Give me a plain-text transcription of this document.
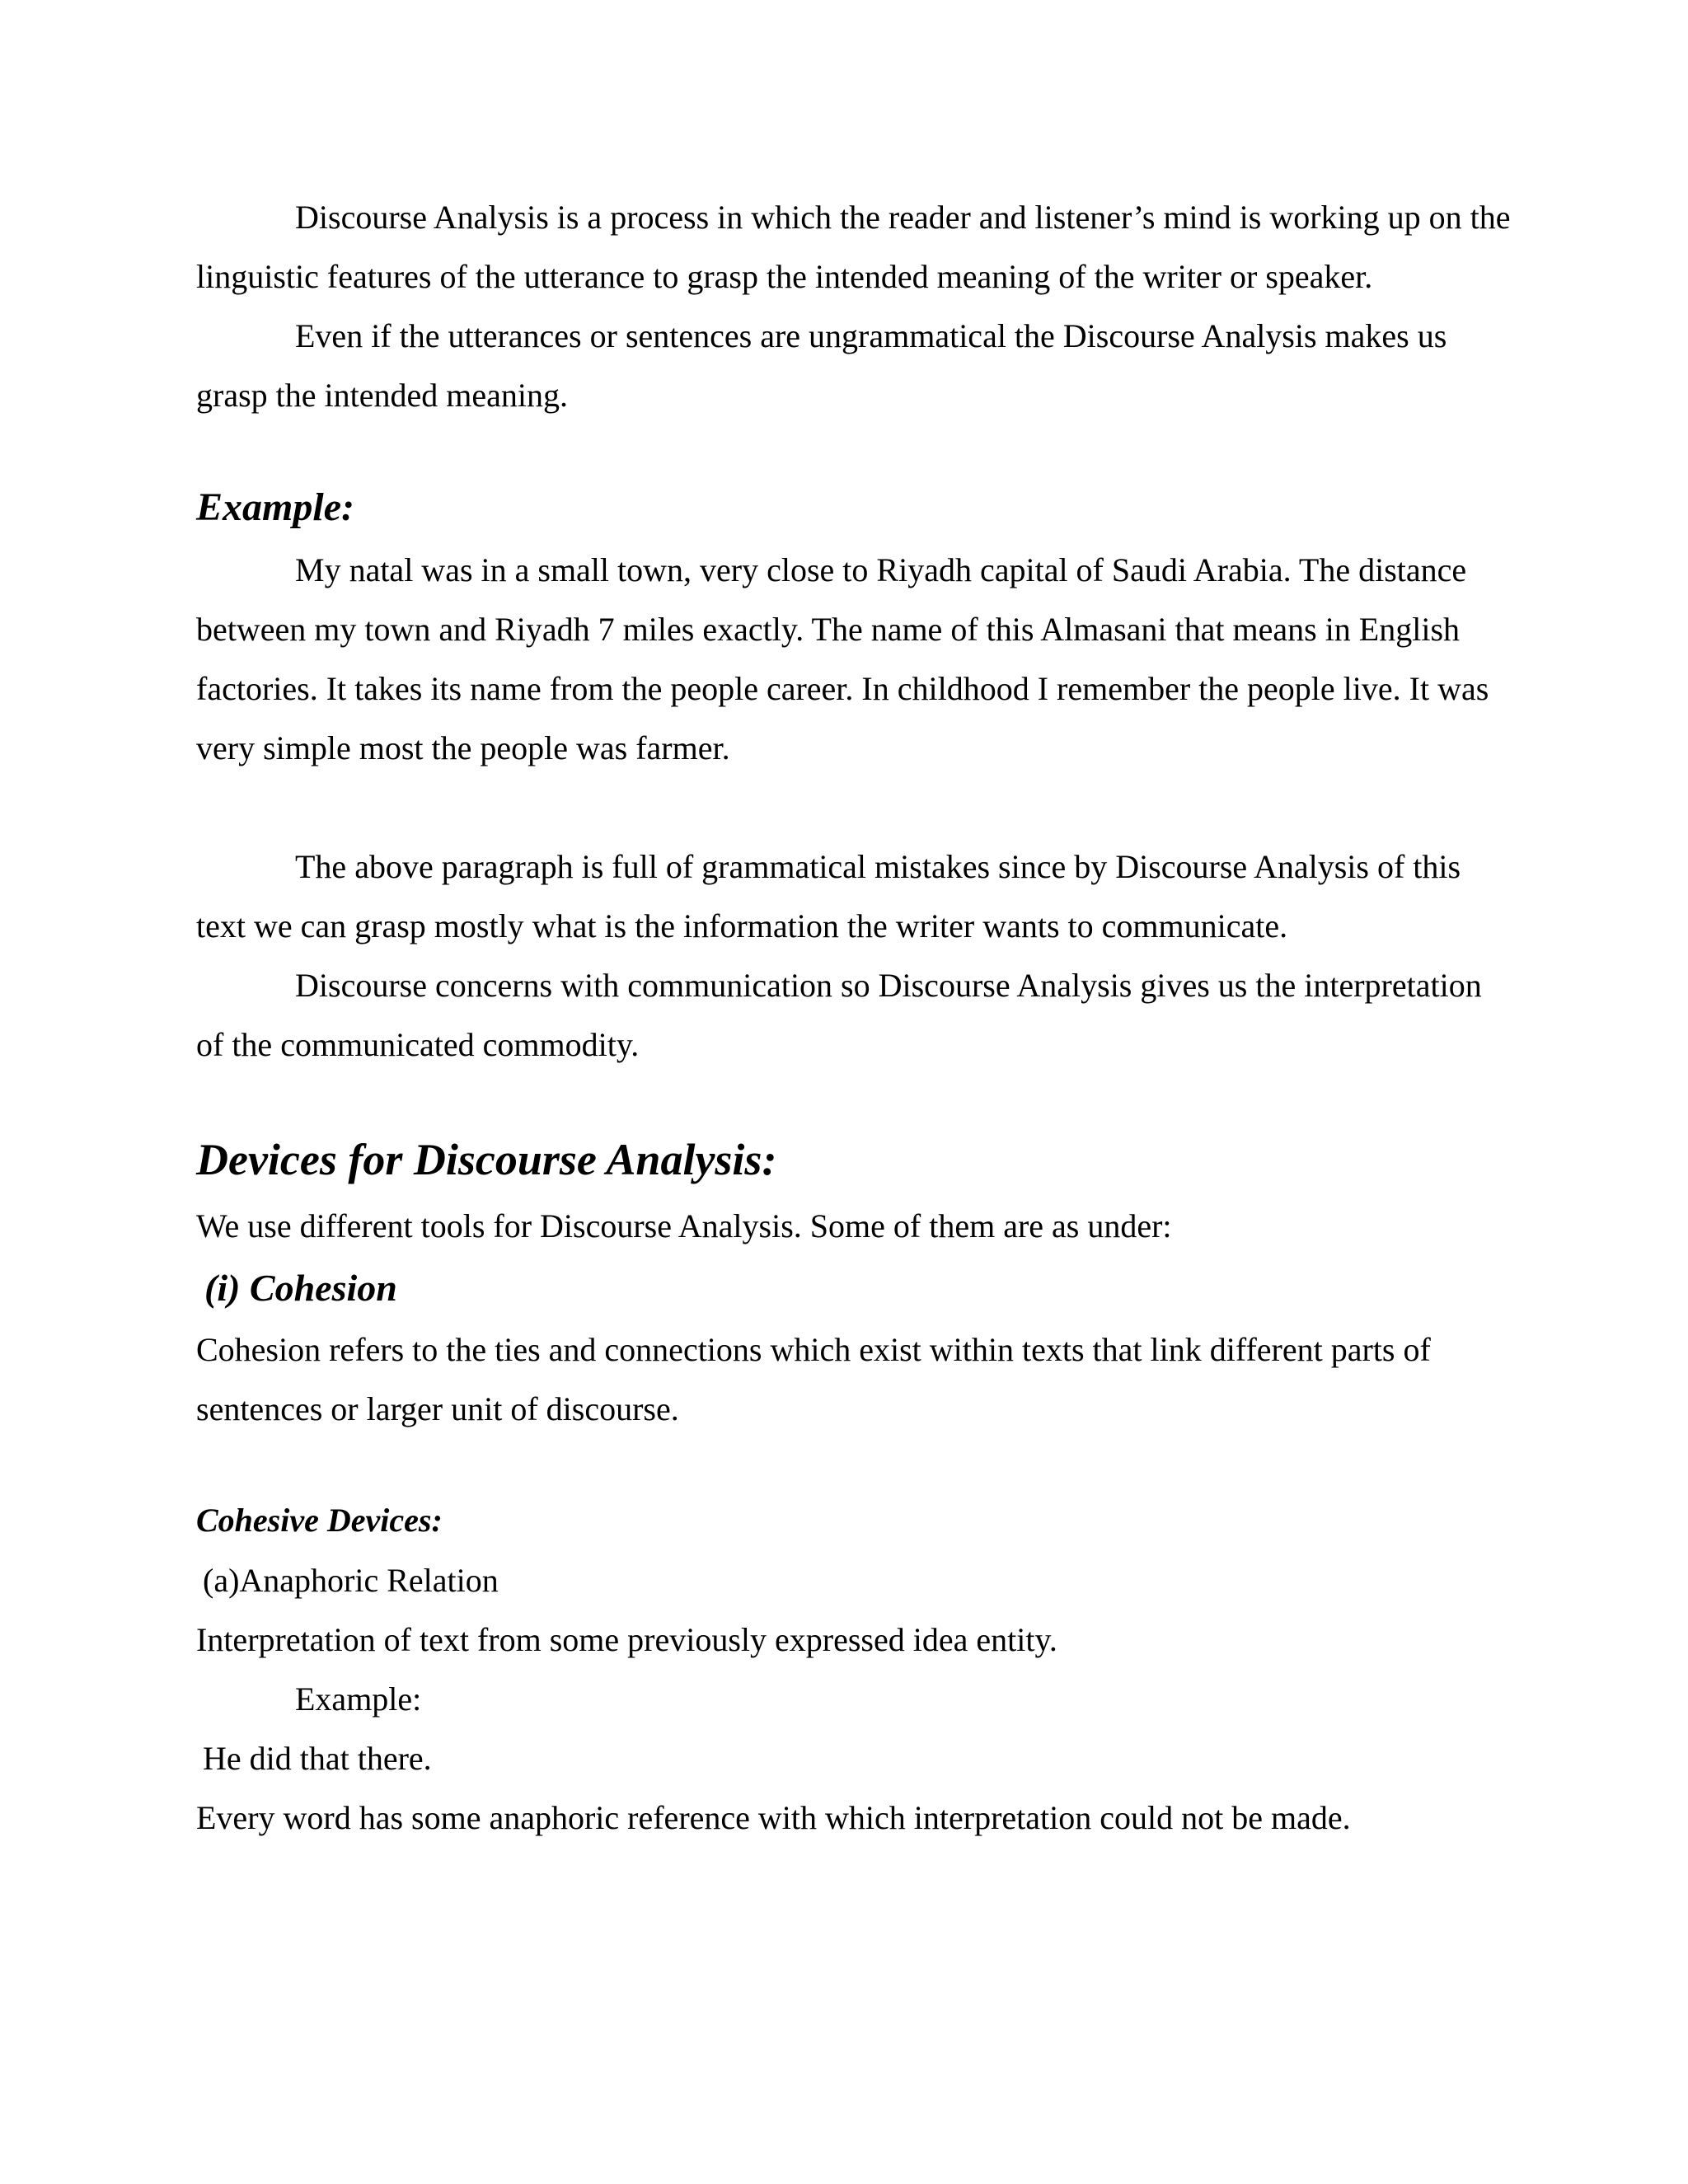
Discourse Analysis is a process in which the reader and listener’s mind is working up on the linguistic features of the utterance to grasp the intended meaning of the writer or speaker.

Even if the utterances or sentences are ungrammatical the Discourse Analysis makes us grasp the intended meaning.

Example:

My natal was in a small town, very close to Riyadh capital of Saudi Arabia. The distance between my town and Riyadh 7 miles exactly. The name of this Almasani that means in English factories. It takes its name from the people career. In childhood I remember the people live. It was very simple most the people was farmer.

The above paragraph is full of grammatical mistakes since by Discourse Analysis of this text we can grasp mostly what is the information the writer wants to communicate.

Discourse concerns with communication so Discourse Analysis gives us the interpretation of the communicated commodity.

Devices for Discourse Analysis:

We use different tools for Discourse Analysis. Some of them are as under:

(i) Cohesion

Cohesion refers to the ties and connections which exist within texts that link different parts of sentences or larger unit of discourse.

Cohesive Devices:

(a)Anaphoric Relation

Interpretation of text from some previously expressed idea entity.

Example:

He did that there.

Every word has some anaphoric reference with which interpretation could not be made.
